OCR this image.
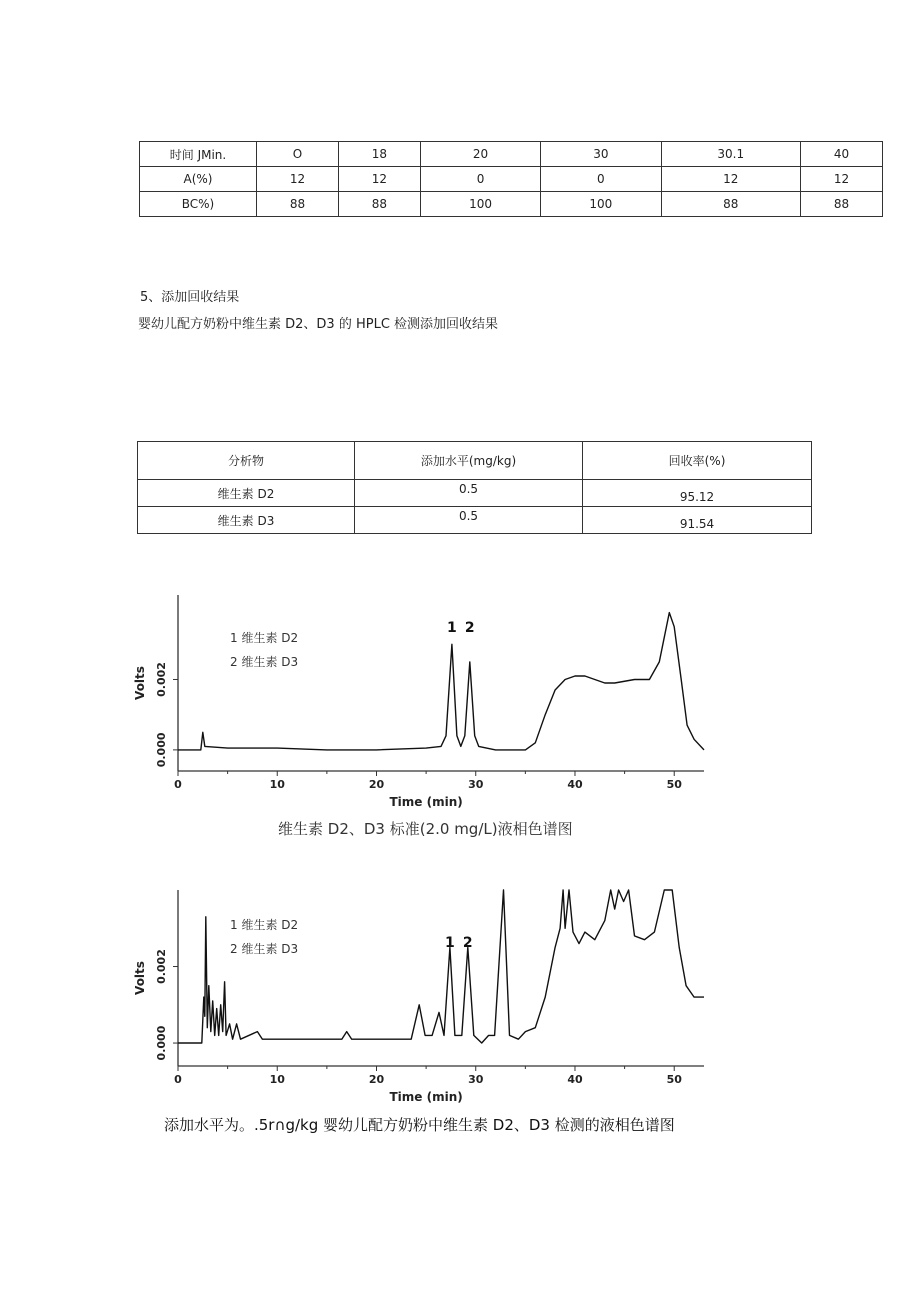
时间 JMin.	O	18	20	30	30.1	40
A(%)	12	12	0	0	12	12
BC%)	88	88	100	100	88	88
5、添加回收结果
婴幼儿配方奶粉中维生素 D2、D3 的 HPLC 检测添加回收结果
分析物	添加水平(mg/kg)	回收率(%)
维生素 D2	0.5	95.12
维生素 D3	0.5	91.54
0	10	20	30	40	50
0.000
0.002
Volts
Time (min)
1 维生素 D2
2 维生素 D3
1 2
维生素 D2、D3 标准(2.0 mg/L)液相色谱图
0	10	20	30	40	50
0.000
0.002
Volts
Time (min)
1 维生素 D2
2 维生素 D3	1 2
添加水平为。.5r∩g∕kg 婴幼儿配方奶粉中维生素 D2、D3 检测的液相色谱图
